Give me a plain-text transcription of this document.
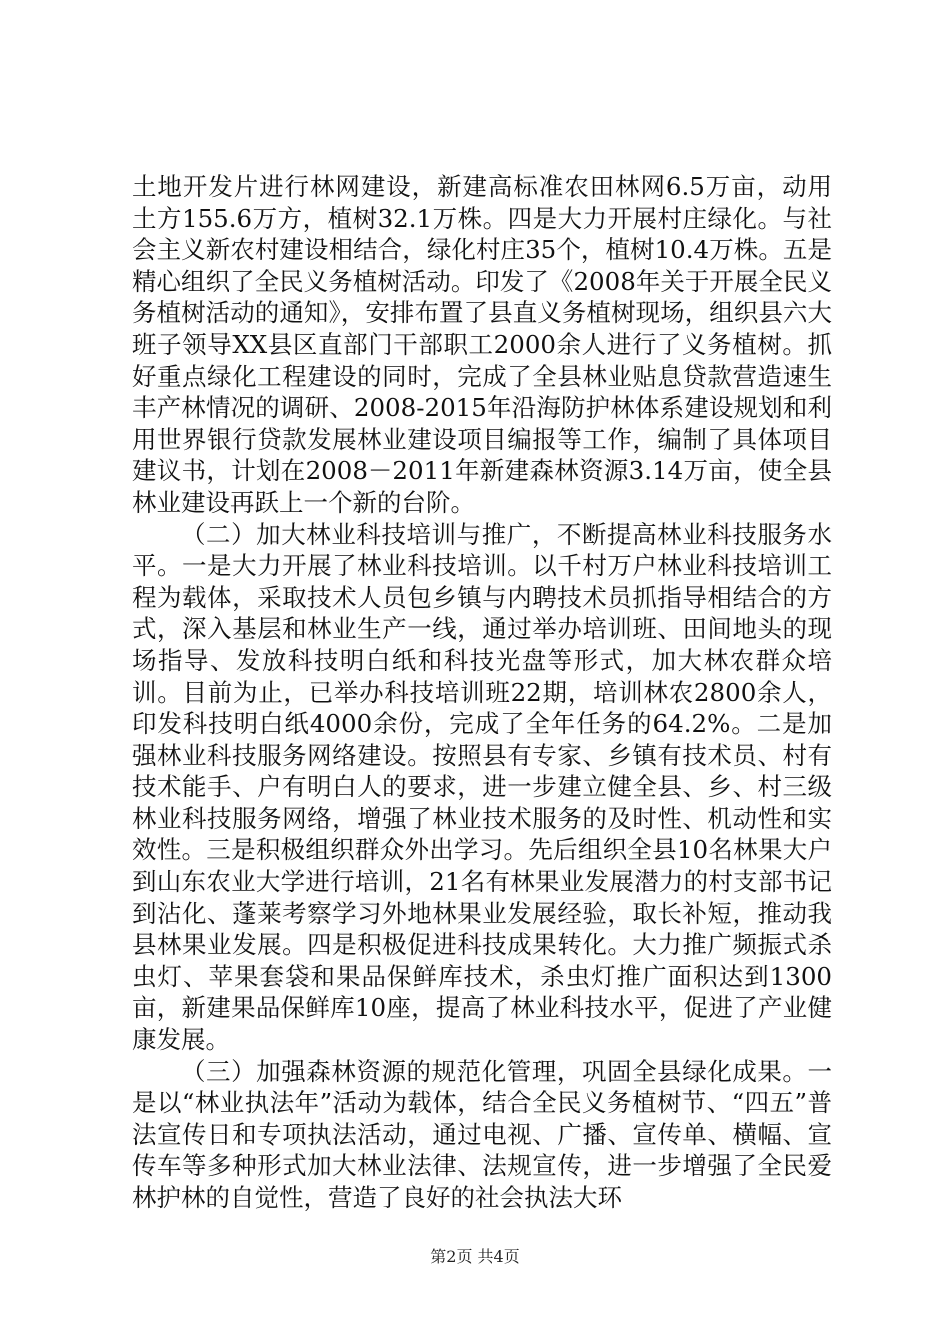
土地开发片进行林网建设，新建高标准农田林网6.5万亩，动用土方155.6万方，植树32.1万株。四是大力开展村庄绿化。与社会主义新农村建设相结合，绿化村庄35个，植树10.4万株。五是精心组织了全民义务植树活动。印发了《2008年关于开展全民义务植树活动的通知》，安排布置了县直义务植树现场，组织县六大班子领导XX县区直部门干部职工2000余人进行了义务植树。抓好重点绿化工程建设的同时，完成了全县林业贴息贷款营造速生丰产林情况的调研、2008-2015年沿海防护林体系建设规划和利用世界银行贷款发展林业建设项目编报等工作，编制了具体项目建议书，计划在2008－2011年新建森林资源3.14万亩，使全县林业建设再跃上一个新的台阶。

（二）加大林业科技培训与推广，不断提高林业科技服务水平。一是大力开展了林业科技培训。以千村万户林业科技培训工程为载体，采取技术人员包乡镇与内聘技术员抓指导相结合的方式，深入基层和林业生产一线，通过举办培训班、田间地头的现场指导、发放科技明白纸和科技光盘等形式，加大林农群众培训。目前为止，已举办科技培训班22期，培训林农2800余人，印发科技明白纸4000余份，完成了全年任务的64.2%。二是加强林业科技服务网络建设。按照县有专家、乡镇有技术员、村有技术能手、户有明白人的要求，进一步建立健全县、乡、村三级林业科技服务网络，增强了林业技术服务的及时性、机动性和实效性。三是积极组织群众外出学习。先后组织全县10名林果大户到山东农业大学进行培训，21名有林果业发展潜力的村支部书记到沾化、蓬莱考察学习外地林果业发展经验，取长补短，推动我县林果业发展。四是积极促进科技成果转化。大力推广频振式杀虫灯、苹果套袋和果品保鲜库技术，杀虫灯推广面积达到1300亩，新建果品保鲜库10座，提高了林业科技水平，促进了产业健康发展。

（三）加强森林资源的规范化管理，巩固全县绿化成果。一是以“林业执法年”活动为载体，结合全民义务植树节、“四五”普法宣传日和专项执法活动，通过电视、广播、宣传单、横幅、宣传车等多种形式加大林业法律、法规宣传，进一步增强了全民爱林护林的自觉性，营造了良好的社会执法大环

第2页 共4页
